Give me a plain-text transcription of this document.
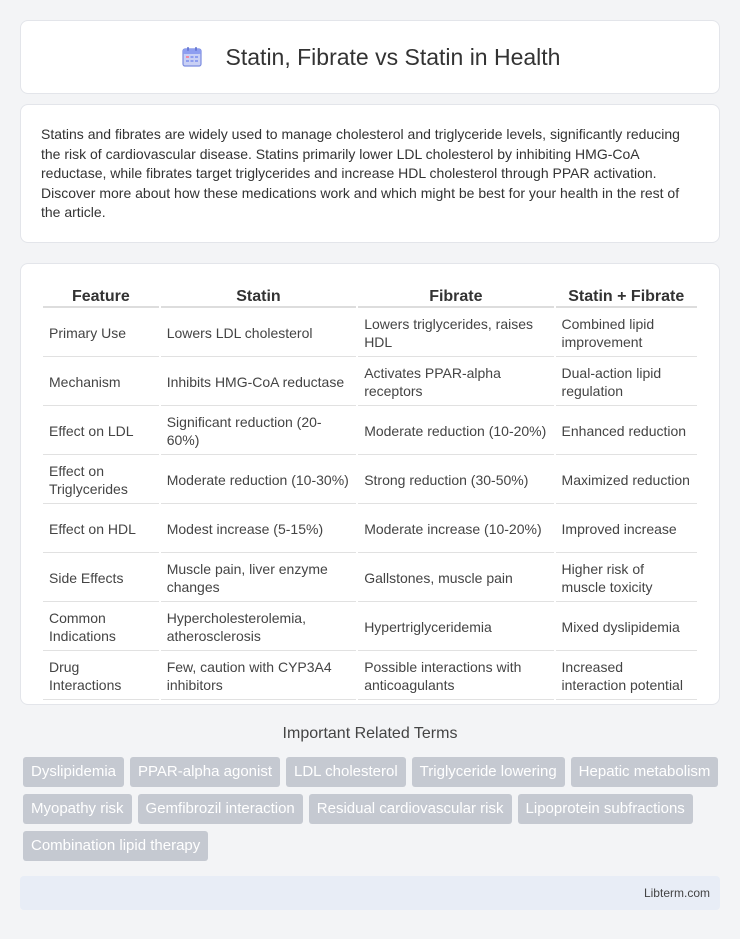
Statin, Fibrate vs Statin in Health

Statins and fibrates are widely used to manage cholesterol and triglyceride levels, significantly reducing the risk of cardiovascular disease. Statins primarily lower LDL cholesterol by inhibiting HMG-CoA reductase, while fibrates target triglycerides and increase HDL cholesterol through PPAR activation. Discover more about how these medications work and which might be best for your health in the rest of the article.

Feature	Statin	Fibrate	Statin + Fibrate
Primary Use	Lowers LDL cholesterol	Lowers triglycerides, raises HDL	Combined lipid improvement
Mechanism	Inhibits HMG-CoA reductase	Activates PPAR-alpha receptors	Dual-action lipid regulation
Effect on LDL	Significant reduction (20-60%)	Moderate reduction (10-20%)	Enhanced reduction
Effect on Triglycerides	Moderate reduction (10-30%)	Strong reduction (30-50%)	Maximized reduction
Effect on HDL	Modest increase (5-15%)	Moderate increase (10-20%)	Improved increase
Side Effects	Muscle pain, liver enzyme changes	Gallstones, muscle pain	Higher risk of muscle toxicity
Common Indications	Hypercholesterolemia, atherosclerosis	Hypertriglyceridemia	Mixed dyslipidemia
Drug Interactions	Few, caution with CYP3A4 inhibitors	Possible interactions with anticoagulants	Increased interaction potential
Important Related Terms
Dyslipidemia	PPAR-alpha agonist	LDL cholesterol	Triglyceride lowering	Hepatic metabolism
Myopathy risk	Gemfibrozil interaction	Residual cardiovascular risk	Lipoprotein subfractions
Combination lipid therapy
Libterm.com
